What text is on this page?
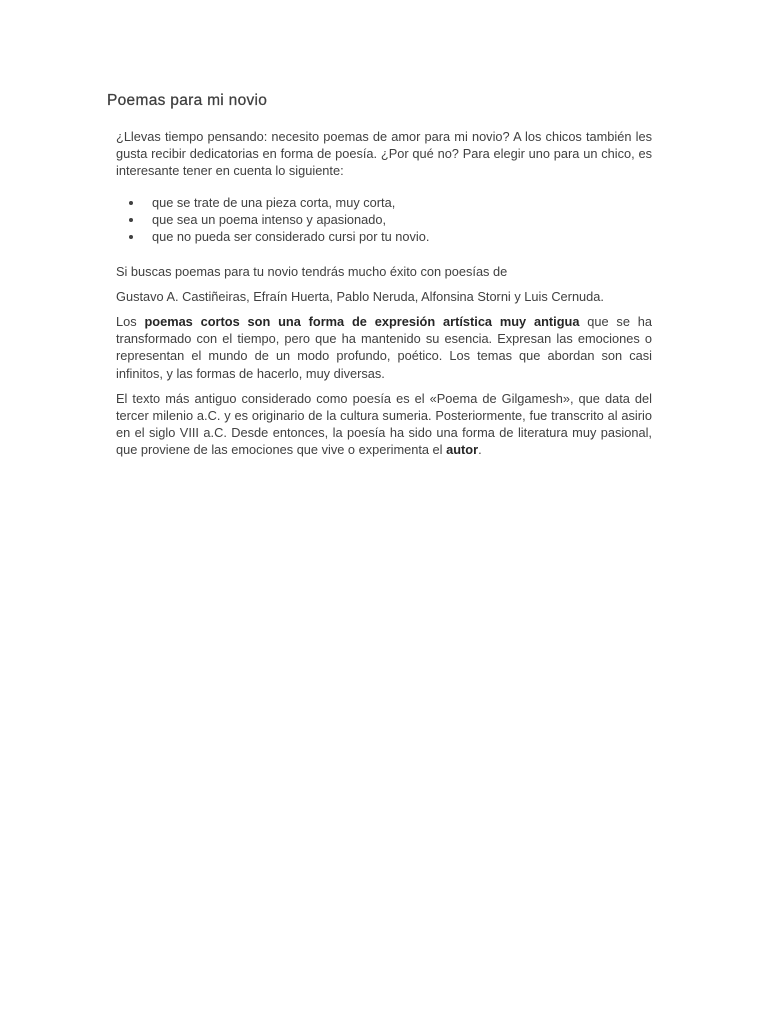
Poemas para mi novio

¿Llevas tiempo pensando: necesito poemas de amor para mi novio? A los chicos también les gusta recibir dedicatorias en forma de poesía. ¿Por qué no? Para elegir uno para un chico, es interesante tener en cuenta lo siguiente:

que se trate de una pieza corta, muy corta,
que sea un poema intenso y apasionado,
que no pueda ser considerado cursi por tu novio.

Si buscas poemas para tu novio tendrás mucho éxito con poesías de

Gustavo A. Castiñeiras, Efraín Huerta, Pablo Neruda, Alfonsina Storni y Luis Cernuda.

Los poemas cortos son una forma de expresión artística muy antigua que se ha transformado con el tiempo, pero que ha mantenido su esencia. Expresan las emociones o representan el mundo de un modo profundo, poético. Los temas que abordan son casi infinitos, y las formas de hacerlo, muy diversas.

El texto más antiguo considerado como poesía es el «Poema de Gilgamesh», que data del tercer milenio a.C. y es originario de la cultura sumeria. Posteriormente, fue transcrito al asirio en el siglo VIII a.C. Desde entonces, la poesía ha sido una forma de literatura muy pasional, que proviene de las emociones que vive o experimenta el autor.
